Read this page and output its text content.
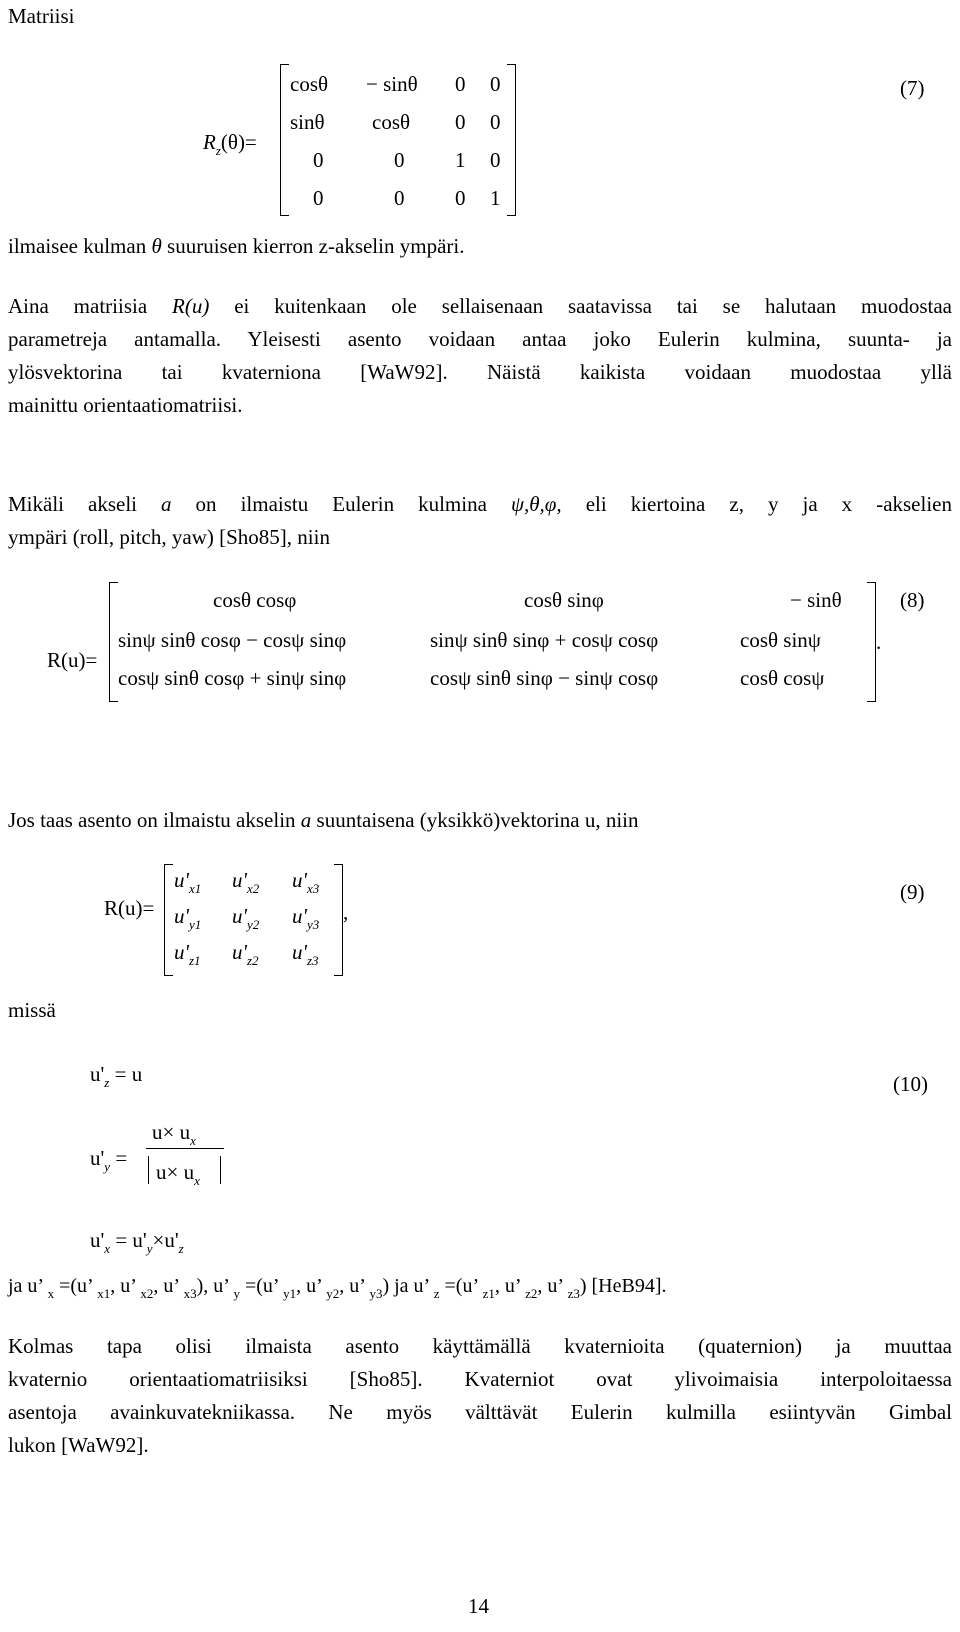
Matriisi
$R_z(\theta)=$
cosθ − sinθ 0 0
sinθ cosθ 0 0
0	0 1 0
0	0 0 1
(7)
ilmaisee kulman θ suuruisen kierron z-akselin ympäri.
Aina matriisia R(u) ei kuitenkaan ole sellaisenaan saatavissa tai se halutaan muodostaa
parametreja antamalla. Yleisesti asento voidaan antaa joko Eulerin kulmina, suunta- ja
ylösvektorina tai kvaterniona [WaW92]. Näistä kaikista voidaan muodostaa yllä
mainittu orientaatiomatriisi.
Mikäli akseli a on ilmaistu Eulerin kulmina ψ,θ,φ, eli kiertoina z, y ja x -akselien
ympäri (roll, pitch, yaw) [Sho85], niin
R(u)=
cosθ cosφ	cosθ sinφ	− sinθ
sinψ sinθ cosφ − cosψ sinφ	sinψ sinθ sinφ + cosψ cosφ	cosθ sinψ
cosψ sinθ cosφ + sinψ sinφ	cosψ sinθ sinφ − sinψ cosφ	cosθ cosψ
.
(8)
Jos taas asento on ilmaistu akselin a suuntaisena (yksikkö)vektorina u, niin
R(u)=
$u'_{x1}$ $u'_{x2}$ $u'_{x3}$
$u'_{y1}$ $u'_{y2}$ $u'_{y3}$
$u'_{z1}$ $u'_{z2}$ $u'_{z3}$
,
(9)
missä
$u'_z = u$
$u'_y$ =
$u\times u_x$
$u\times u_x$
$u'_x = u'_y\times u'_z$
(10)
ja u’ $_x$ =(u’ $_{x1}$, u’ $_{x2}$, u’ $_{x3}$), u’ $_y$ =(u’ $_{y1}$, u’ $_{y2}$, u’ $_{y3}$) ja u’ $_z$ =(u’ $_{z1}$, u’ $_{z2}$, u’ $_{z3}$) [HeB94].
Kolmas tapa olisi ilmaista asento käyttämällä kvaternioita (quaternion) ja muuttaa
kvaternio orientaatiomatriisiksi [Sho85]. Kvaterniot ovat ylivoimaisia interpoloitaessa
asentoja avainkuvatekniikassa. Ne myös välttävät Eulerin kulmilla esiintyvän Gimbal
lukon [WaW92].
14
